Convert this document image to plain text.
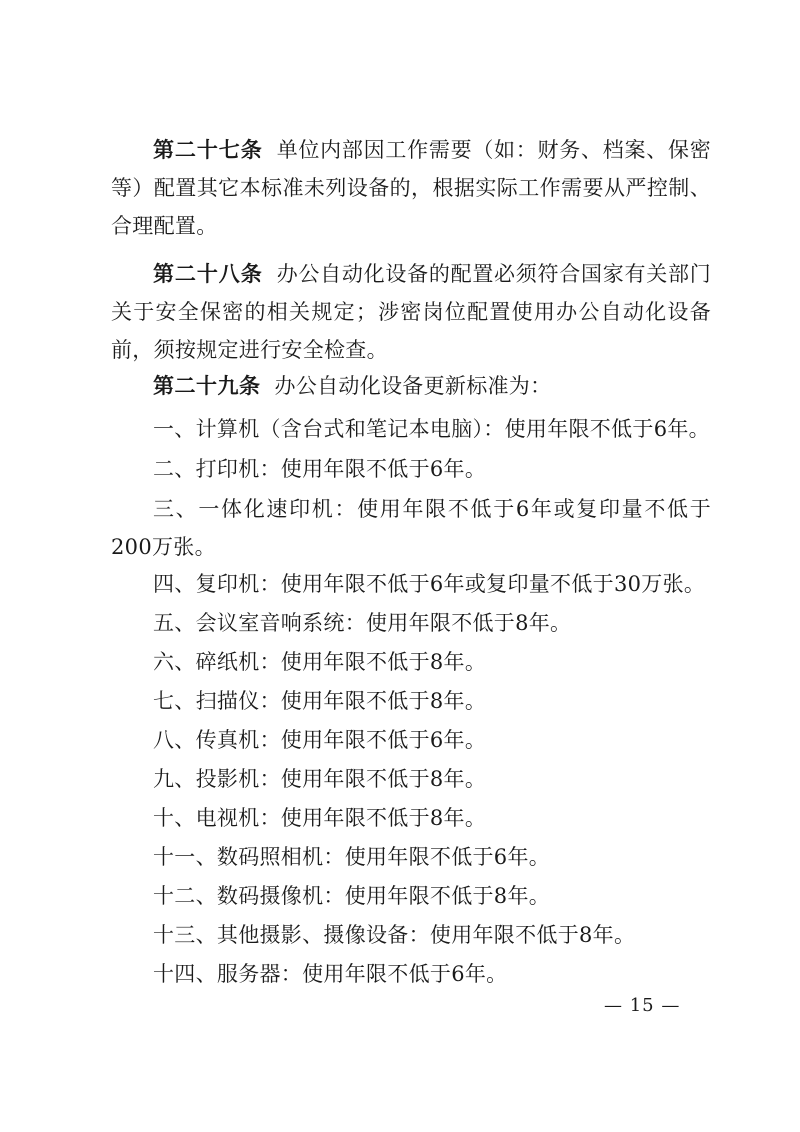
第二十七条 单位内部因工作需要（如：财务、档案、保密等）配置其它本标准未列设备的，根据实际工作需要从严控制、合理配置。

第二十八条 办公自动化设备的配置必须符合国家有关部门关于安全保密的相关规定；涉密岗位配置使用办公自动化设备前，须按规定进行安全检查。

第二十九条 办公自动化设备更新标准为：

一、计算机（含台式和笔记本电脑）：使用年限不低于6年。

二、打印机：使用年限不低于6年。

三、一体化速印机：使用年限不低于6年或复印量不低于200万张。

四、复印机：使用年限不低于6年或复印量不低于30万张。

五、会议室音响系统：使用年限不低于8年。

六、碎纸机：使用年限不低于8年。

七、扫描仪：使用年限不低于8年。

八、传真机：使用年限不低于6年。

九、投影机：使用年限不低于8年。

十、电视机：使用年限不低于8年。

十一、数码照相机：使用年限不低于6年。

十二、数码摄像机：使用年限不低于8年。

十三、其他摄影、摄像设备：使用年限不低于8年。

十四、服务器：使用年限不低于6年。

— 15 —
